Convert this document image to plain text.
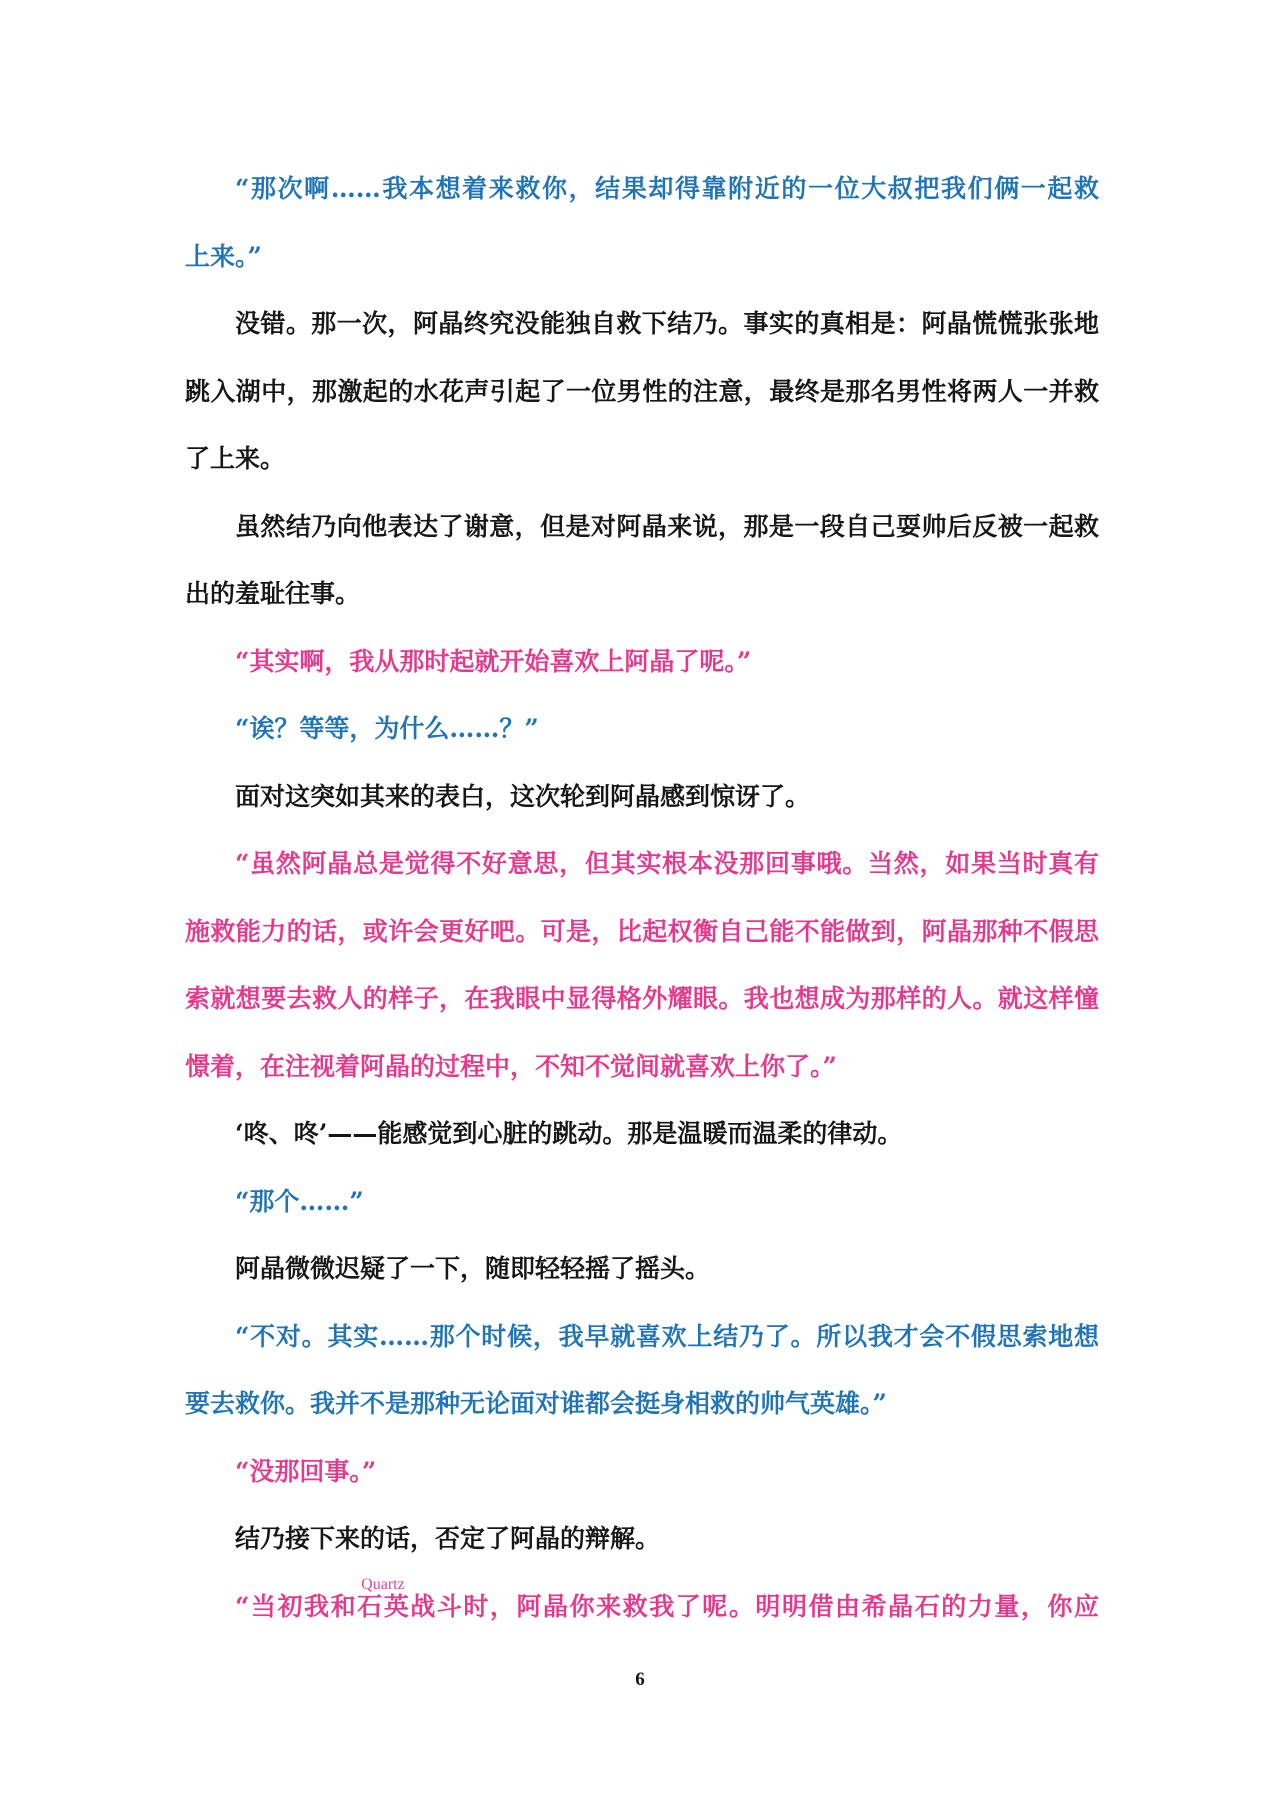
“那次啊……我本想着来救你，结果却得靠附近的一位大叔把我们俩一起救
上来。”
没错。那一次，阿晶终究没能独自救下结乃。事实的真相是：阿晶慌慌张张地
跳入湖中，那激起的水花声引起了一位男性的注意，最终是那名男性将两人一并救
了上来。
虽然结乃向他表达了谢意，但是对阿晶来说，那是一段自己耍帅后反被一起救
出的羞耻往事。
“其实啊，我从那时起就开始喜欢上阿晶了呢。”
“诶？等等，为什么……？”
面对这突如其来的表白，这次轮到阿晶感到惊讶了。
“虽然阿晶总是觉得不好意思，但其实根本没那回事哦。当然，如果当时真有
施救能力的话，或许会更好吧。可是，比起权衡自己能不能做到，阿晶那种不假思
索就想要去救人的样子，在我眼中显得格外耀眼。我也想成为那样的人。就这样憧
憬着，在注视着阿晶的过程中，不知不觉间就喜欢上你了。”
‘咚、咚’——能感觉到心脏的跳动。那是温暖而温柔的律动。
“那个……”
阿晶微微迟疑了一下，随即轻轻摇了摇头。
“不对。其实……那个时候，我早就喜欢上结乃了。所以我才会不假思索地想
要去救你。我并不是那种无论面对谁都会挺身相救的帅气英雄。”
“没那回事。”
结乃接下来的话，否定了阿晶的辩解。
“当初我和石英Quartz战斗时，阿晶你来救我了呢。明明借由希晶石的力量，你应
6
